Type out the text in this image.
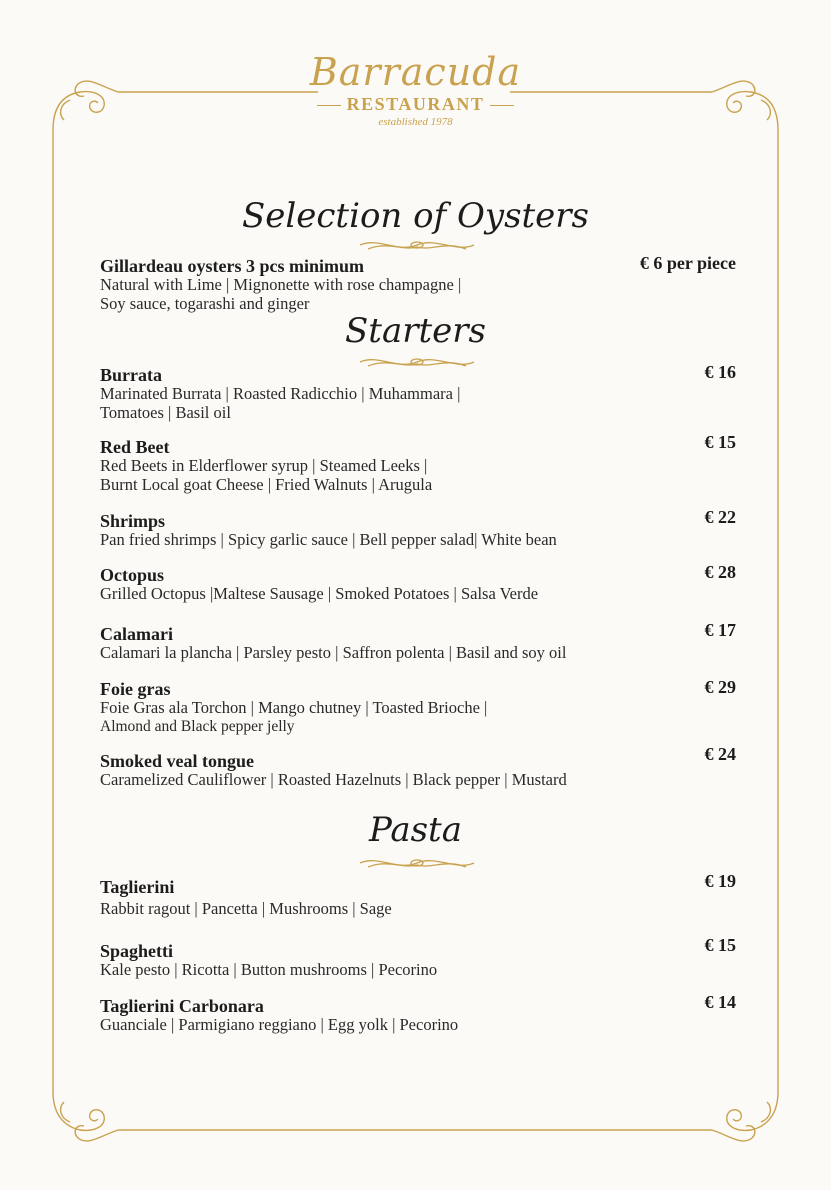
Barracuda
RESTAURANT
established 1978
Selection of Oysters
Gillardeau oysters 3 pcs minimum
Natural with Lime | Mignonette with rose champagne |
Soy sauce, togarashi and ginger
€ 6 per piece
Starters
Burrata
Marinated Burrata | Roasted Radicchio | Muhammara |
Tomatoes | Basil oil
€ 16
Red Beet
Red Beets in Elderflower syrup | Steamed Leeks |
Burnt Local goat Cheese | Fried Walnuts | Arugula
€ 15
Shrimps
Pan fried shrimps | Spicy garlic sauce | Bell pepper salad| White bean
€ 22
Octopus
Grilled Octopus |Maltese Sausage | Smoked Potatoes | Salsa Verde
€ 28
Calamari
Calamari la plancha | Parsley pesto | Saffron polenta | Basil and soy oil
€ 17
Foie gras
Foie Gras ala Torchon | Mango chutney | Toasted Brioche |
Almond and Black pepper jelly
€ 29
Smoked veal tongue
Caramelized Cauliflower | Roasted Hazelnuts | Black pepper | Mustard
€ 24
Pasta
Taglierini
Rabbit ragout | Pancetta | Mushrooms | Sage
€ 19
Spaghetti
Kale pesto | Ricotta | Button mushrooms | Pecorino
€ 15
Taglierini Carbonara
Guanciale | Parmigiano reggiano | Egg yolk | Pecorino
€ 14
